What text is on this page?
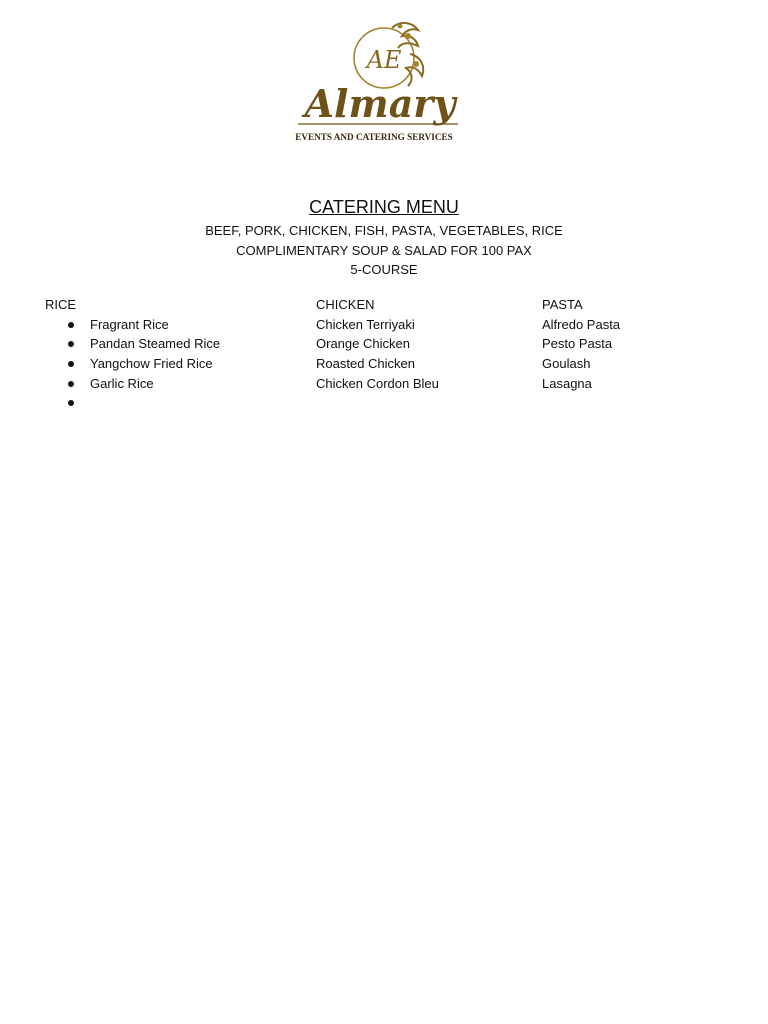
AE
Almary
EVENTS AND CATERING SERVICES
CATERING MENU

BEEF, PORK, CHICKEN, FISH, PASTA, VEGETABLES, RICE

COMPLIMENTARY SOUP & SALAD FOR 100 PAX

5-COURSE

RICE
Fragrant Rice
Pandan Steamed Rice
Yangchow Fried Rice
Garlic Rice
CHICKEN
Chicken Terriyaki
Orange Chicken
Roasted Chicken
Chicken Cordon Bleu
PASTA
Alfredo Pasta
Pesto Pasta
Goulash
Lasagna
